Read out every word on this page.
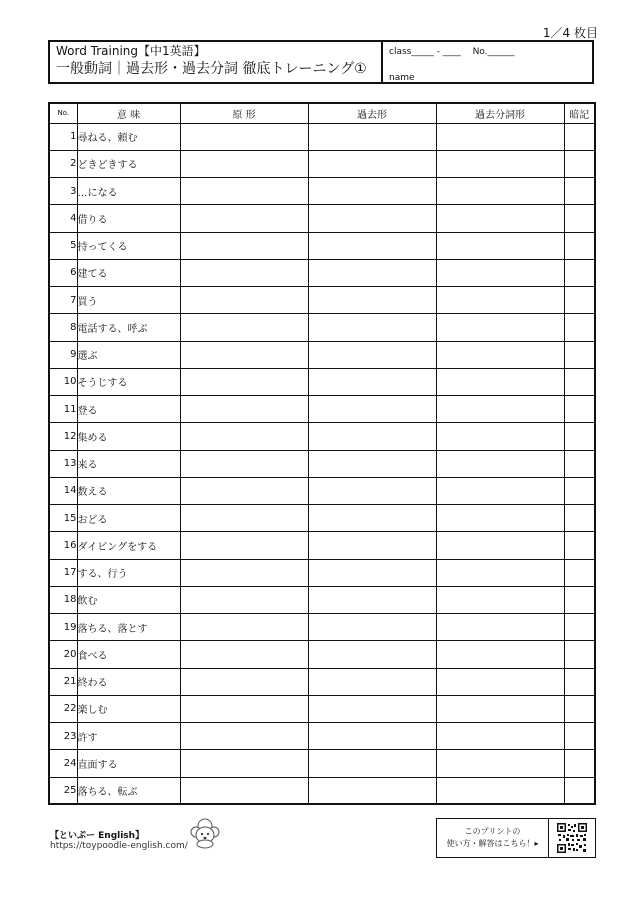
1／4 枚目
Word Training【中1英語】
一般動詞｜過去形・過去分詞 徹底トレーニング①
class_____ - ____ No.______
name
No.	意 味	原 形	過去形	過去分詞形	暗記
1	尋ねる、頼む				
2	どきどきする				
3	…になる				
4	借りる				
5	持ってくる				
6	建てる				
7	買う				
8	電話する、呼ぶ				
9	選ぶ				
10	そうじする				
11	登る				
12	集める				
13	来る				
14	数える				
15	おどる				
16	ダイビングをする				
17	する、行う				
18	飲む				
19	落ちる、落とす				
20	食べる				
21	終わる				
22	楽しむ				
23	許す				
24	直面する				
25	落ちる、転ぶ				
【といぷー English】
https://toypoodle-english.com/
このプリントの
使い方・解答はこちら！▸
